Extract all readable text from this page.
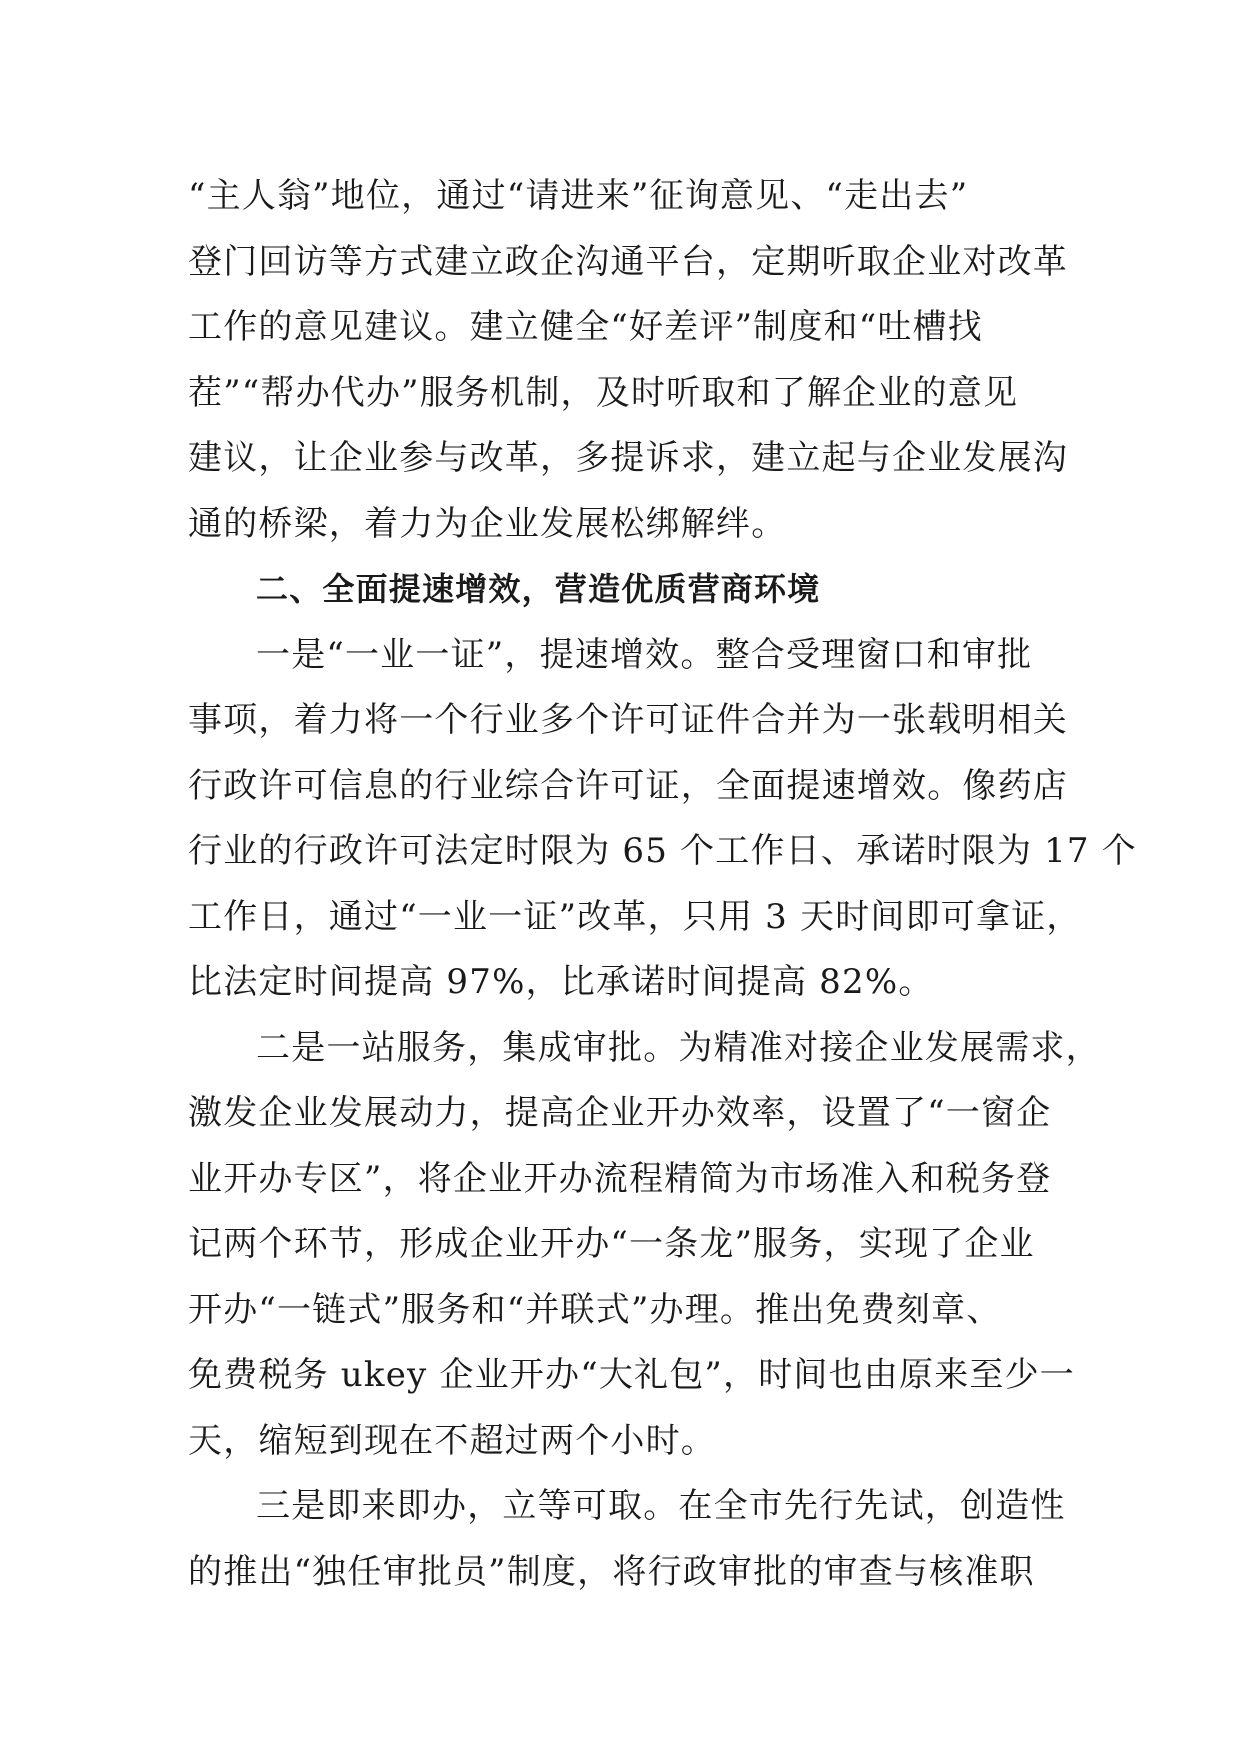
“主人翁”地位，通过“请进来”征询意见、“走出去”
登门回访等方式建立政企沟通平台，定期听取企业对改革
工作的意见建议。建立健全“好差评”制度和“吐槽找
茬”“帮办代办”服务机制，及时听取和了解企业的意见
建议，让企业参与改革，多提诉求，建立起与企业发展沟
通的桥梁，着力为企业发展松绑解绊。
二、全面提速增效，营造优质营商环境
一是“一业一证”，提速增效。整合受理窗口和审批
事项，着力将一个行业多个许可证件合并为一张载明相关
行政许可信息的行业综合许可证，全面提速增效。像药店
行业的行政许可法定时限为 65 个工作日、承诺时限为 17 个
工作日，通过“一业一证”改革，只用 3 天时间即可拿证，
比法定时间提高 97%，比承诺时间提高 82%。
二是一站服务，集成审批。为精准对接企业发展需求，
激发企业发展动力，提高企业开办效率，设置了“一窗企
业开办专区”，将企业开办流程精简为市场准入和税务登
记两个环节，形成企业开办“一条龙”服务，实现了企业
开办“一链式”服务和“并联式”办理。推出免费刻章、
免费税务 ukey 企业开办“大礼包”，时间也由原来至少一
天，缩短到现在不超过两个小时。
三是即来即办，立等可取。在全市先行先试，创造性
的推出“独任审批员”制度，将行政审批的审查与核准职
